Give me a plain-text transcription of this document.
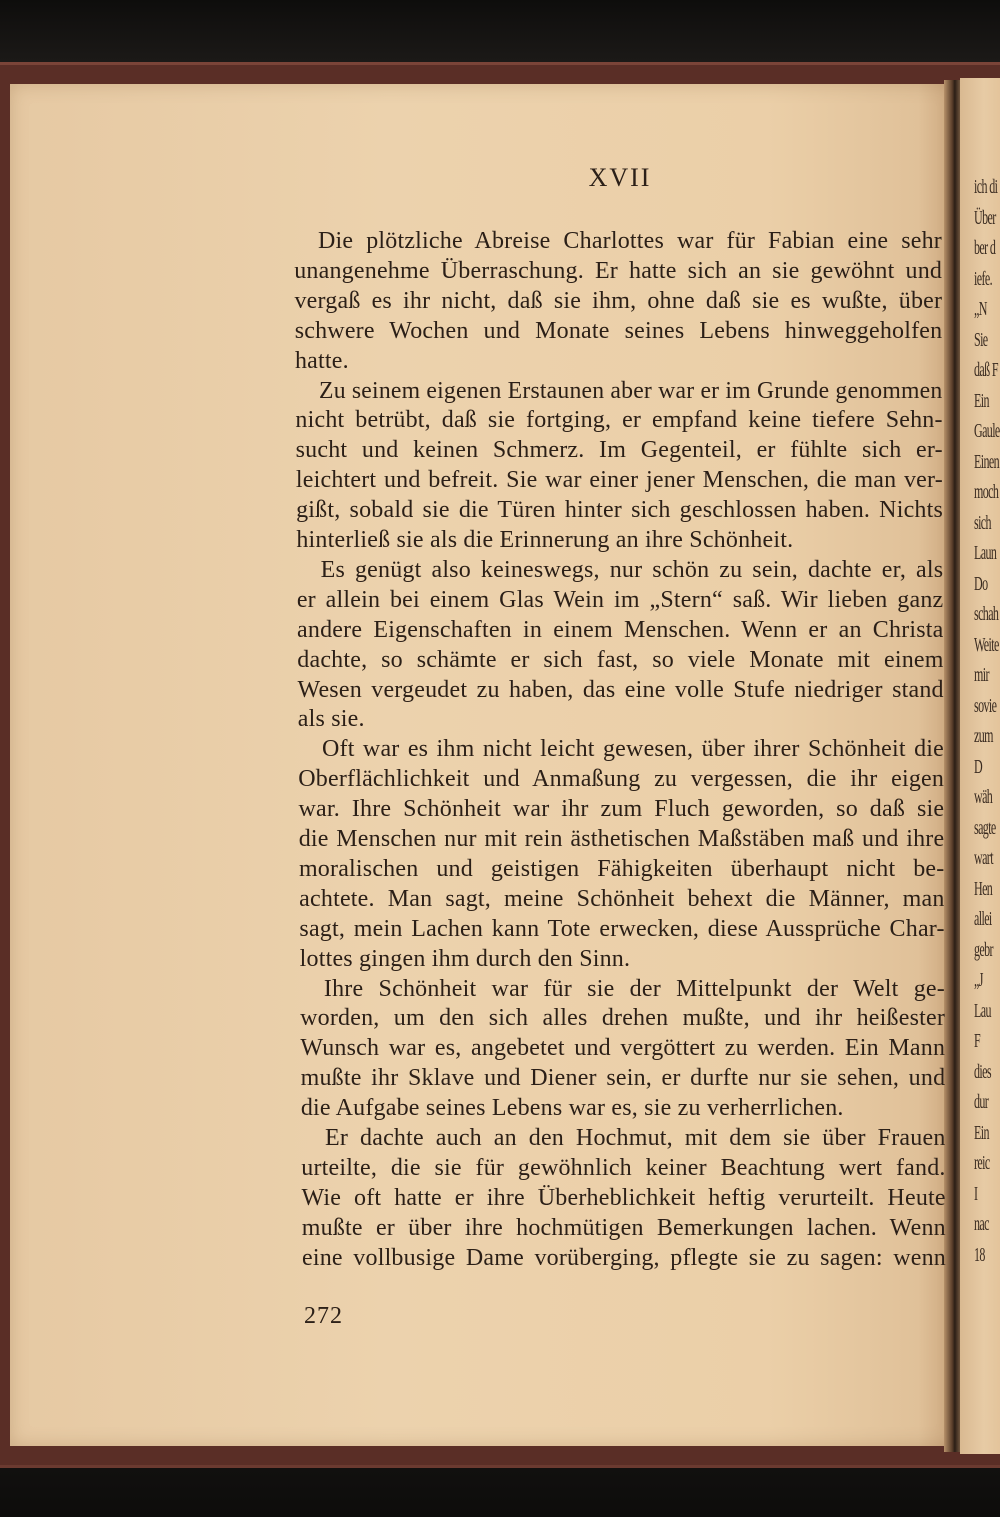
ich di
Über
ber d
iefe.
„N
Sie
daß F
Ein
Gaule
Einen
moch
sich
Laun
Do
schah
Weite
mir
sovie
zum
D
wäh
sagte
wart
Hen
allei
gebr
„J
Lau
F
dies
dur
Ein
reic
I
nac
18
XVII
Die plötzliche Abreise Charlottes war für Fabian eine sehr
unangenehme Überraschung. Er hatte sich an sie gewöhnt und
vergaß es ihr nicht, daß sie ihm, ohne daß sie es wußte, über
schwere Wochen und Monate seines Lebens hinweggeholfen
hatte.
Zu seinem eigenen Erstaunen aber war er im Grunde genommen
nicht betrübt, daß sie fortging, er empfand keine tiefere Sehn-
sucht und keinen Schmerz. Im Gegenteil, er fühlte sich er-
leichtert und befreit. Sie war einer jener Menschen, die man ver-
gißt, sobald sie die Türen hinter sich geschlossen haben. Nichts
hinterließ sie als die Erinnerung an ihre Schönheit.
Es genügt also keineswegs, nur schön zu sein, dachte er, als
er allein bei einem Glas Wein im „Stern“ saß. Wir lieben ganz
andere Eigenschaften in einem Menschen. Wenn er an Christa
dachte, so schämte er sich fast, so viele Monate mit einem
Wesen vergeudet zu haben, das eine volle Stufe niedriger stand
als sie.
Oft war es ihm nicht leicht gewesen, über ihrer Schönheit die
Oberflächlichkeit und Anmaßung zu vergessen, die ihr eigen
war. Ihre Schönheit war ihr zum Fluch geworden, so daß sie
die Menschen nur mit rein ästhetischen Maßstäben maß und ihre
moralischen und geistigen Fähigkeiten überhaupt nicht be-
achtete. Man sagt, meine Schönheit behext die Männer, man
sagt, mein Lachen kann Tote erwecken, diese Aussprüche Char-
lottes gingen ihm durch den Sinn.
Ihre Schönheit war für sie der Mittelpunkt der Welt ge-
worden, um den sich alles drehen mußte, und ihr heißester
Wunsch war es, angebetet und vergöttert zu werden. Ein Mann
mußte ihr Sklave und Diener sein, er durfte nur sie sehen, und
die Aufgabe seines Lebens war es, sie zu verherrlichen.
Er dachte auch an den Hochmut, mit dem sie über Frauen
urteilte, die sie für gewöhnlich keiner Beachtung wert fand.
Wie oft hatte er ihre Überheblichkeit heftig verurteilt. Heute
mußte er über ihre hochmütigen Bemerkungen lachen. Wenn
eine vollbusige Dame vorüberging, pflegte sie zu sagen: wenn
272
